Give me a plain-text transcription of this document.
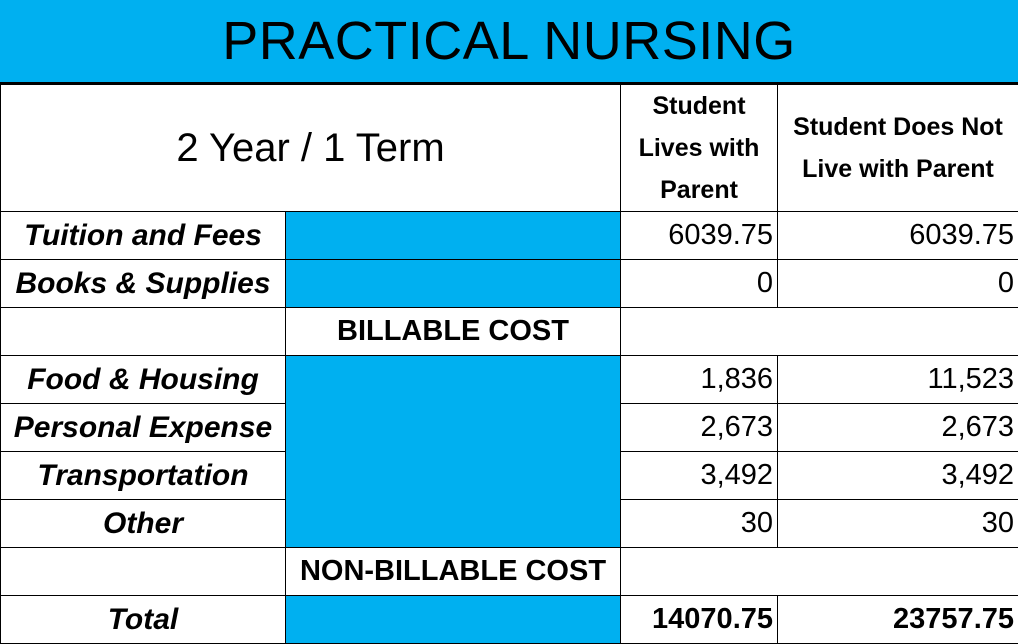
PRACTICAL NURSING
2 Year / 1 Term		Student Lives with Parent	Student Does Not Live with Parent
Tuition and Fees		6039.75	6039.75
Books & Supplies		0	0
	BILLABLE COST		
Food & Housing		1,836	11,523
Personal Expense		2,673	2,673
Transportation		3,492	3,492
Other		30	30
	NON-BILLABLE COST		
Total		14070.75	23757.75
